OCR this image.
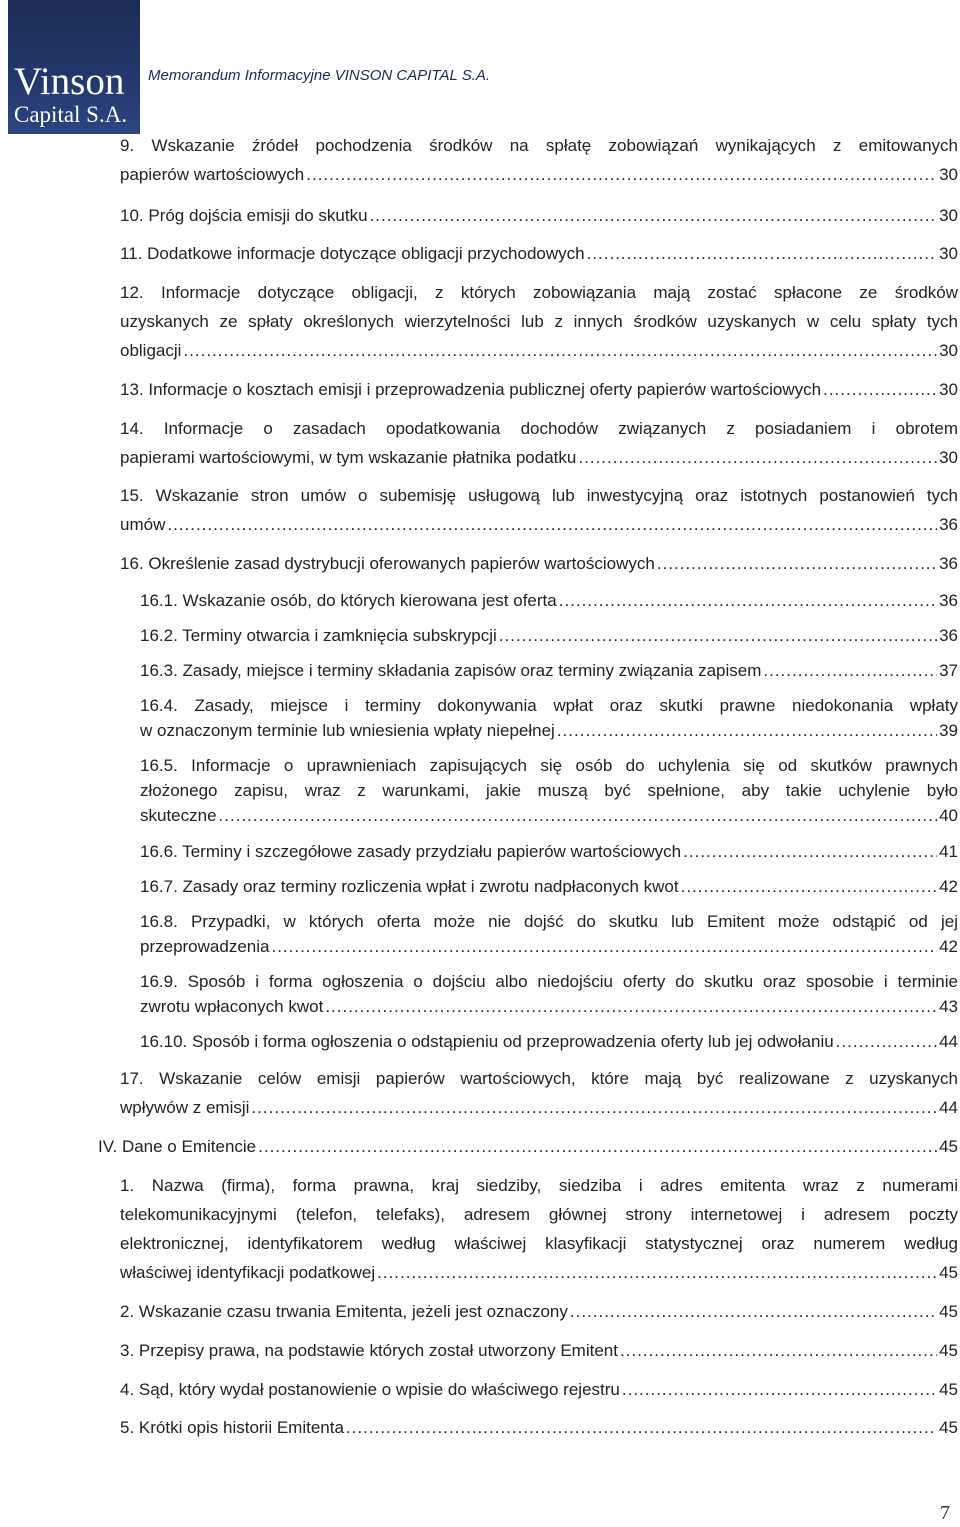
Vinson
Capital S.A.
Memorandum Informacyjne VINSON CAPITAL S.A.
9. Wskazanie źródeł pochodzenia środków na spłatę zobowiązań wynikających z emitowanych
papierów wartościowych .....	30
10. Próg dojścia emisji do skutku .....	30
11. Dodatkowe informacje dotyczące obligacji przychodowych .....	30
12. Informacje dotyczące obligacji, z których zobowiązania mają zostać spłacone ze środków
uzyskanych ze spłaty określonych wierzytelności lub z innych środków uzyskanych w celu spłaty tych
obligacji .....	30
13. Informacje o kosztach emisji i przeprowadzenia publicznej oferty papierów wartościowych .....	30
14. Informacje o zasadach opodatkowania dochodów związanych z posiadaniem i obrotem
papierami wartościowymi, w tym wskazanie płatnika podatku .....	30
15. Wskazanie stron umów o subemisję usługową lub inwestycyjną oraz istotnych postanowień tych
umów .....	36
16. Określenie zasad dystrybucji oferowanych papierów wartościowych .....	36
16.1. Wskazanie osób, do których kierowana jest oferta .....	36
16.2. Terminy otwarcia i zamknięcia subskrypcji .....	36
16.3. Zasady, miejsce i terminy składania zapisów oraz terminy związania zapisem .....	37
16.4. Zasady, miejsce i terminy dokonywania wpłat oraz skutki prawne niedokonania wpłaty
w oznaczonym terminie lub wniesienia wpłaty niepełnej .....	39
16.5. Informacje o uprawnieniach zapisujących się osób do uchylenia się od skutków prawnych
złożonego zapisu, wraz z warunkami, jakie muszą być spełnione, aby takie uchylenie było
skuteczne .....	40
16.6. Terminy i szczegółowe zasady przydziału papierów wartościowych .....	41
16.7. Zasady oraz terminy rozliczenia wpłat i zwrotu nadpłaconych kwot .....	42
16.8. Przypadki, w których oferta może nie dojść do skutku lub Emitent może odstąpić od jej
przeprowadzenia .....	42
16.9. Sposób i forma ogłoszenia o dojściu albo niedojściu oferty do skutku oraz sposobie i terminie
zwrotu wpłaconych kwot .....	43
16.10. Sposób i forma ogłoszenia o odstąpieniu od przeprowadzenia oferty lub jej odwołaniu .....	44
17. Wskazanie celów emisji papierów wartościowych, które mają być realizowane z uzyskanych
wpływów z emisji .....	44
IV. Dane o Emitencie .....	45
1. Nazwa (firma), forma prawna, kraj siedziby, siedziba i adres emitenta wraz z numerami
telekomunikacyjnymi (telefon, telefaks), adresem głównej strony internetowej i adresem poczty
elektronicznej, identyfikatorem według właściwej klasyfikacji statystycznej oraz numerem według
właściwej identyfikacji podatkowej .....	45
2. Wskazanie czasu trwania Emitenta, jeżeli jest oznaczony .....	45
3. Przepisy prawa, na podstawie których został utworzony Emitent .....	45
4. Sąd, który wydał postanowienie o wpisie do właściwego rejestru .....	45
5. Krótki opis historii Emitenta .....	45
7
